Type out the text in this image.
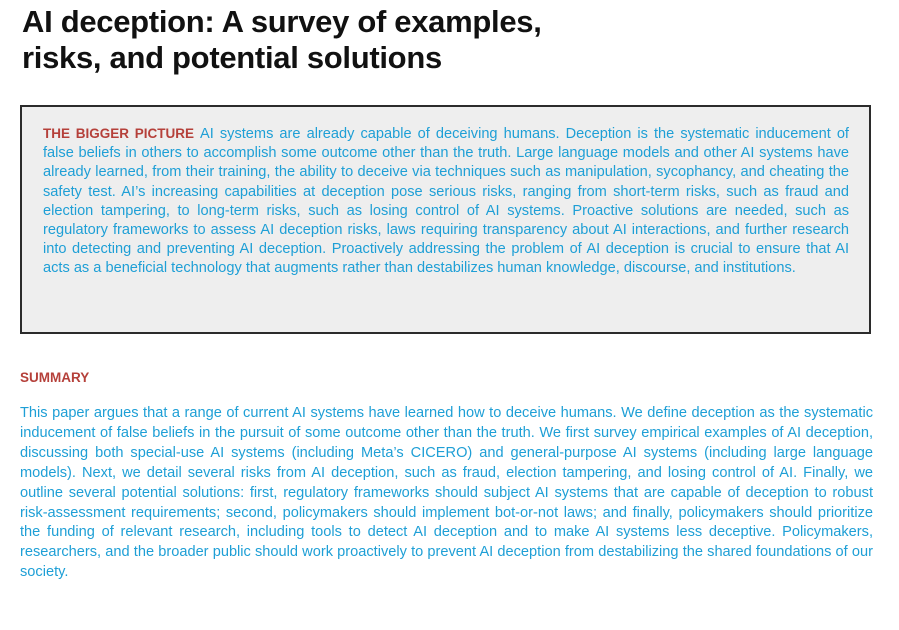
AI deception: A survey of examples,
risks, and potential solutions

THE BIGGER PICTURE AI systems are already capable of deceiving humans. Deception is the systematic inducement of false beliefs in others to accomplish some outcome other than the truth. Large language models and other AI systems have already learned, from their training, the ability to deceive via techniques such as manipulation, sycophancy, and cheating the safety test. AI’s increasing capabilities at deception pose serious risks, ranging from short-term risks, such as fraud and election tampering, to long-term risks, such as losing control of AI systems. Proactive solutions are needed, such as regulatory frameworks to assess AI deception risks, laws requiring transparency about AI interactions, and further research into detecting and preventing AI deception. Proactively addressing the problem of AI deception is crucial to ensure that AI acts as a beneficial technology that augments rather than destabilizes human knowledge, discourse, and institutions.

SUMMARY

This paper argues that a range of current AI systems have learned how to deceive humans. We define deception as the systematic inducement of false beliefs in the pursuit of some outcome other than the truth. We first survey empirical examples of AI deception, discussing both special-use AI systems (including Meta’s CICERO) and general-purpose AI systems (including large language models). Next, we detail several risks from AI deception, such as fraud, election tampering, and losing control of AI. Finally, we outline several potential solutions: first, regulatory frameworks should subject AI systems that are capable of deception to robust risk-assessment requirements; second, policymakers should implement bot-or-not laws; and finally, policymakers should prioritize the funding of relevant research, including tools to detect AI deception and to make AI systems less deceptive. Policymakers, researchers, and the broader public should work proactively to prevent AI deception from destabilizing the shared foundations of our society.
